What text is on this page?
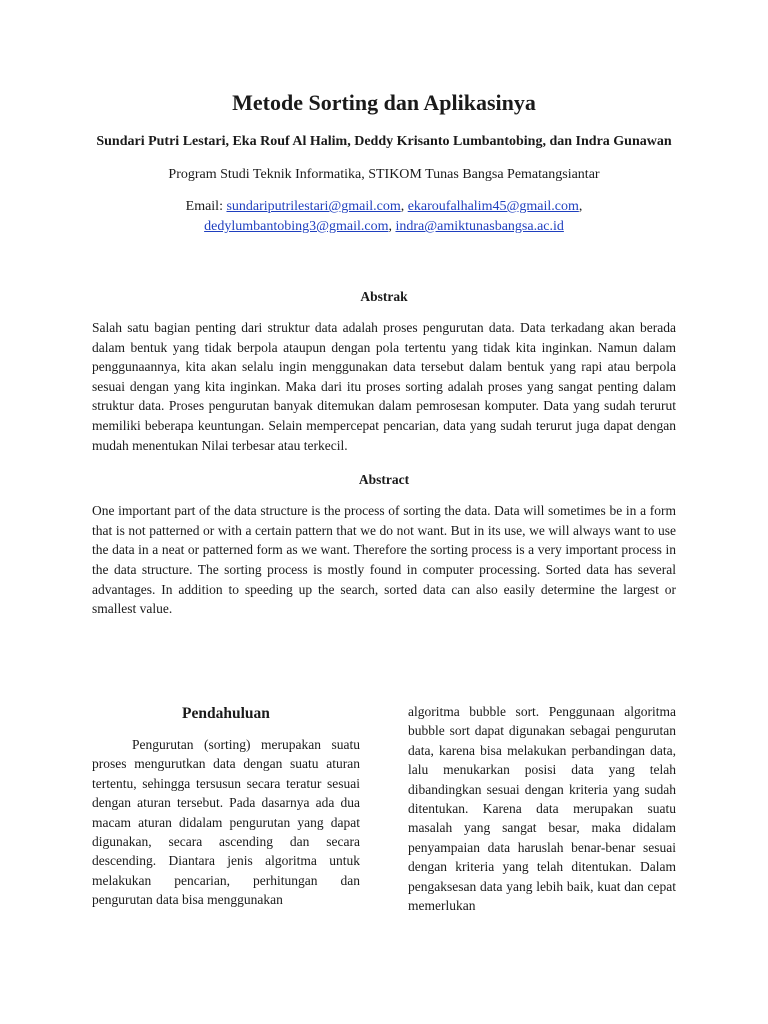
Metode Sorting dan Aplikasinya

Sundari Putri Lestari, Eka Rouf Al Halim, Deddy Krisanto Lumbantobing, dan Indra Gunawan

Program Studi Teknik Informatika, STIKOM Tunas Bangsa Pematangsiantar

Email: sundariputrilestari@gmail.com, ekaroufalhalim45@gmail.com,
dedylumbantobing3@gmail.com, indra@amiktunasbangsa.ac.id

Abstrak

Salah satu bagian penting dari struktur data adalah proses pengurutan data. Data terkadang akan berada dalam bentuk yang tidak berpola ataupun dengan pola tertentu yang tidak kita inginkan. Namun dalam penggunaannya, kita akan selalu ingin menggunakan data tersebut dalam bentuk yang rapi atau berpola sesuai dengan yang kita inginkan. Maka dari itu proses sorting adalah proses yang sangat penting dalam struktur data. Proses pengurutan banyak ditemukan dalam pemrosesan komputer. Data yang sudah terurut memiliki beberapa keuntungan. Selain mempercepat pencarian, data yang sudah terurut juga dapat dengan mudah menentukan Nilai terbesar atau terkecil.

Abstract

One important part of the data structure is the process of sorting the data. Data will sometimes be in a form that is not patterned or with a certain pattern that we do not want. But in its use, we will always want to use the data in a neat or patterned form as we want. Therefore the sorting process is a very important process in the data structure. The sorting process is mostly found in computer processing. Sorted data has several advantages. In addition to speeding up the search, sorted data can also easily determine the largest or smallest value.

Pendahuluan

Pengurutan (sorting) merupakan suatu proses mengurutkan data dengan suatu aturan tertentu, sehingga tersusun secara teratur sesuai dengan aturan tersebut. Pada dasarnya ada dua macam aturan didalam pengurutan yang dapat digunakan, secara ascending dan secara descending. Diantara jenis algoritma untuk melakukan pencarian, perhitungan dan pengurutan data bisa menggunakan

algoritma bubble sort. Penggunaan algoritma bubble sort dapat digunakan sebagai pengurutan data, karena bisa melakukan perbandingan data, lalu menukarkan posisi data yang telah dibandingkan sesuai dengan kriteria yang sudah ditentukan. Karena data merupakan suatu masalah yang sangat besar, maka didalam penyampaian data haruslah benar-benar sesuai dengan kriteria yang telah ditentukan. Dalam pengaksesan data yang lebih baik, kuat dan cepat memerlukan
